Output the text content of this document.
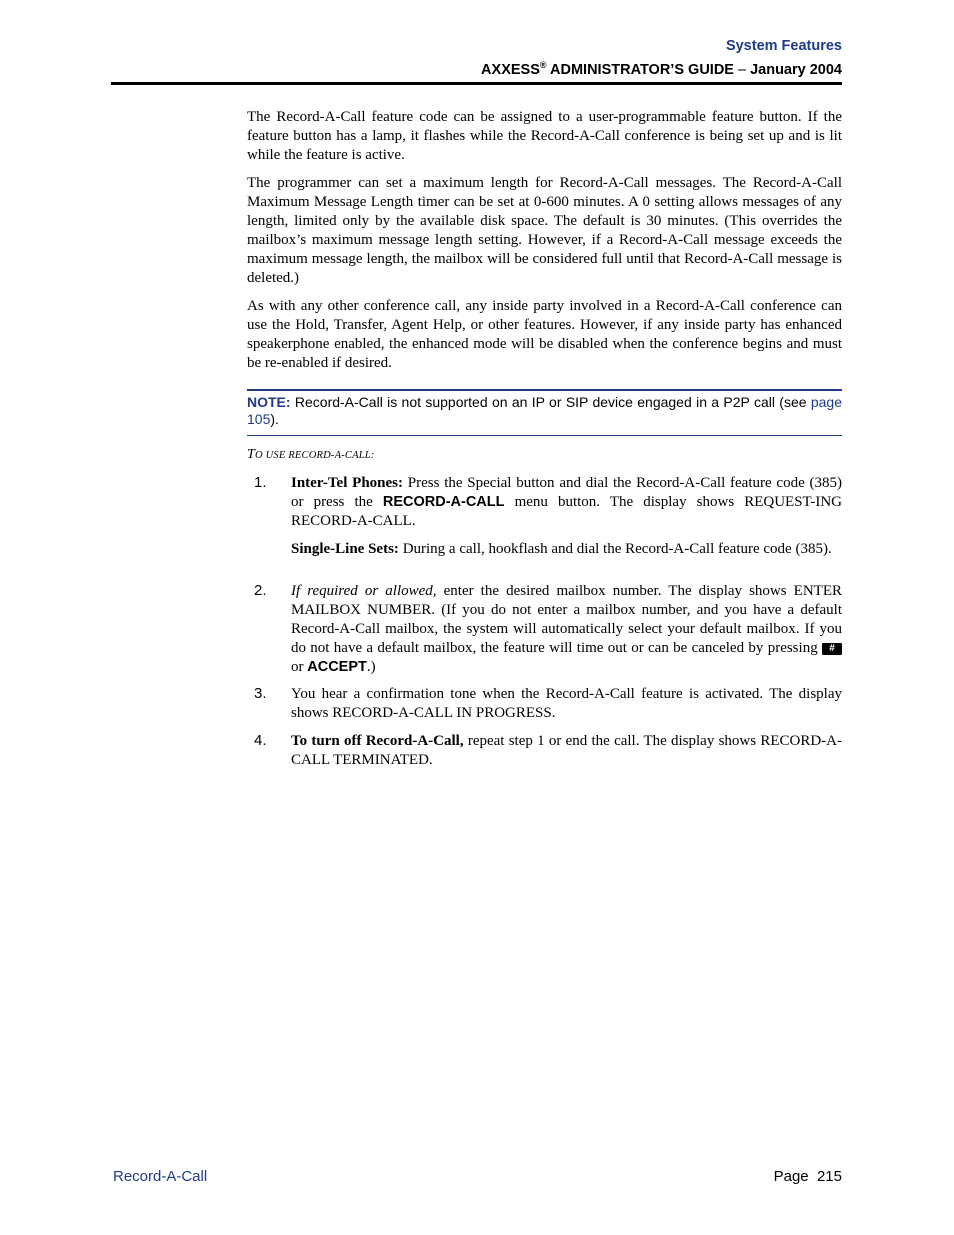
System Features
AXXESS® ADMINISTRATOR’S GUIDE – January 2004

The Record-A-Call feature code can be assigned to a user-programmable feature button. If the feature button has a lamp, it flashes while the Record-A-Call conference is being set up and is lit while the feature is active.

The programmer can set a maximum length for Record-A-Call messages. The Record-A-Call Maximum Message Length timer can be set at 0-600 minutes. A 0 setting allows messages of any length, limited only by the available disk space. The default is 30 minutes. (This overrides the mailbox’s maximum message length setting. However, if a Record-A-Call message exceeds the maximum message length, the mailbox will be considered full until that Record-A-Call message is deleted.)

As with any other conference call, any inside party involved in a Record-A-Call conference can use the Hold, Transfer, Agent Help, or other features. However, if any inside party has enhanced speakerphone enabled, the enhanced mode will be disabled when the conference begins and must be re-enabled if desired.

NOTE: Record-A-Call is not supported on an IP or SIP device engaged in a P2P call (see page 105).
TO USE RECORD-A-CALL:
1. Inter-Tel Phones: Press the Special button and dial the Record-A-Call feature code (385) or press the RECORD-A-CALL menu button. The display shows REQUEST-ING RECORD-A-CALL.

Single-Line Sets: During a call, hookflash and dial the Record-A-Call feature code (385).

2. If required or allowed, enter the desired mailbox number. The display shows ENTER MAILBOX NUMBER. (If you do not enter a mailbox number, and you have a default Record-A-Call mailbox, the system will automatically select your default mailbox. If you do not have a default mailbox, the feature will time out or can be canceled by pressing # or ACCEPT.)

3. You hear a confirmation tone when the Record-A-Call feature is activated. The display shows RECORD-A-CALL IN PROGRESS.

4. To turn off Record-A-Call, repeat step 1 or end the call. The display shows RECORD-A-CALL TERMINATED.

Record-A-Call	Page  215
